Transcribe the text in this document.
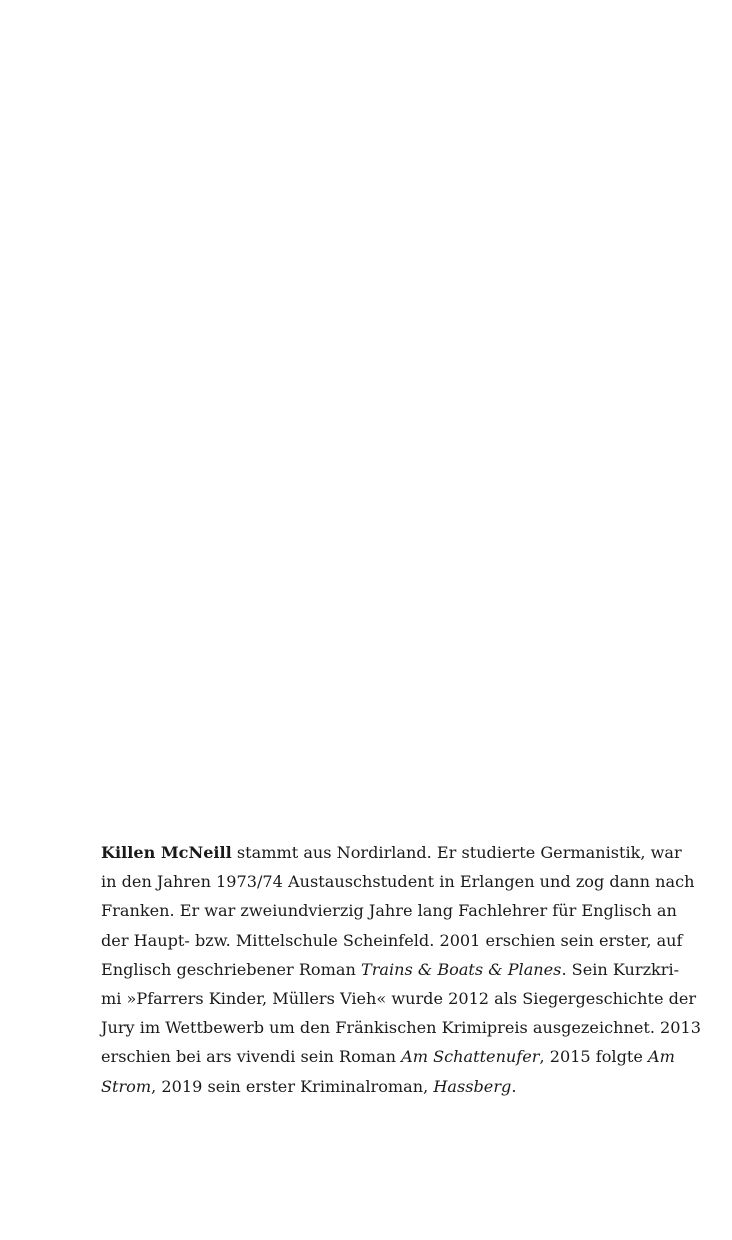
Killen McNeill stammt aus Nordirland. Er studierte Germanistik, war
in den Jahren 1973/74 Austauschstudent in Erlangen und zog dann nach
Franken. Er war zweiundvierzig Jahre lang Fachlehrer für Englisch an
der Haupt- bzw. Mittelschule Scheinfeld. 2001 erschien sein erster, auf
Englisch geschriebener Roman Trains & Boats & Planes. Sein Kurzkri-
mi »Pfarrers Kinder, Müllers Vieh« wurde 2012 als Siegergeschichte der
Jury im Wettbewerb um den Fränkischen Krimipreis ausgezeichnet. 2013
erschien bei ars vivendi sein Roman Am Schattenufer, 2015 folgte Am
Strom, 2019 sein erster Kriminalroman, Hassberg.
